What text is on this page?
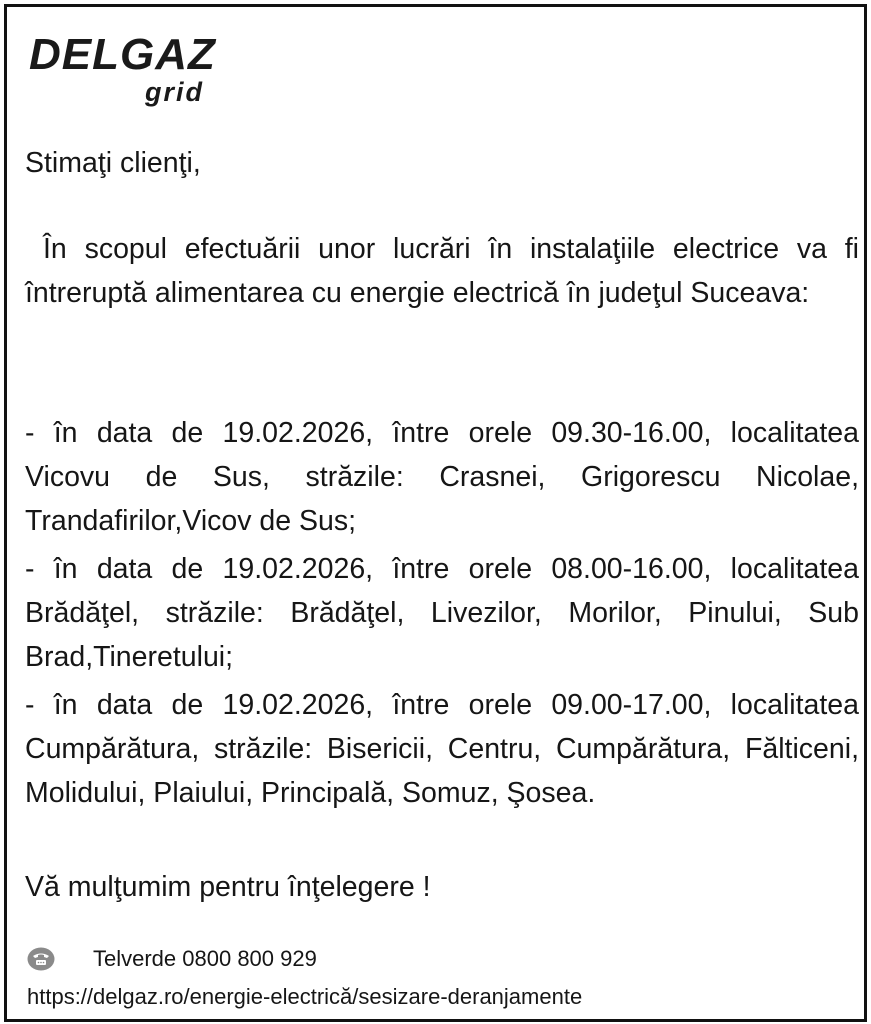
DELGAZ
grid

Stimaţi clienţi,

În scopul efectuării unor lucrări în instalaţiile electrice va fi întreruptă alimentarea cu energie electrică în judeţul Suceava:

- în data de 19.02.2026, între orele 09.30-16.00, localitatea Vicovu de Sus, străzile: Crasnei, Grigorescu Nicolae, Trandafirilor,Vicov de Sus;

- în data de 19.02.2026, între orele 08.00-16.00, localitatea Brădăţel, străzile: Brădăţel, Livezilor, Morilor, Pinului, Sub Brad,Tineretului;

- în data de 19.02.2026, între orele 09.00-17.00, localitatea Cumpărătura, străzile: Bisericii, Centru, Cumpărătura, Fălticeni, Molidului, Plaiului, Principală, Somuz, Şosea.

Vă mulţumim pentru înţelegere !

Telverde 0800 800 929
https://delgaz.ro/energie-electrică/sesizare-deranjamente
